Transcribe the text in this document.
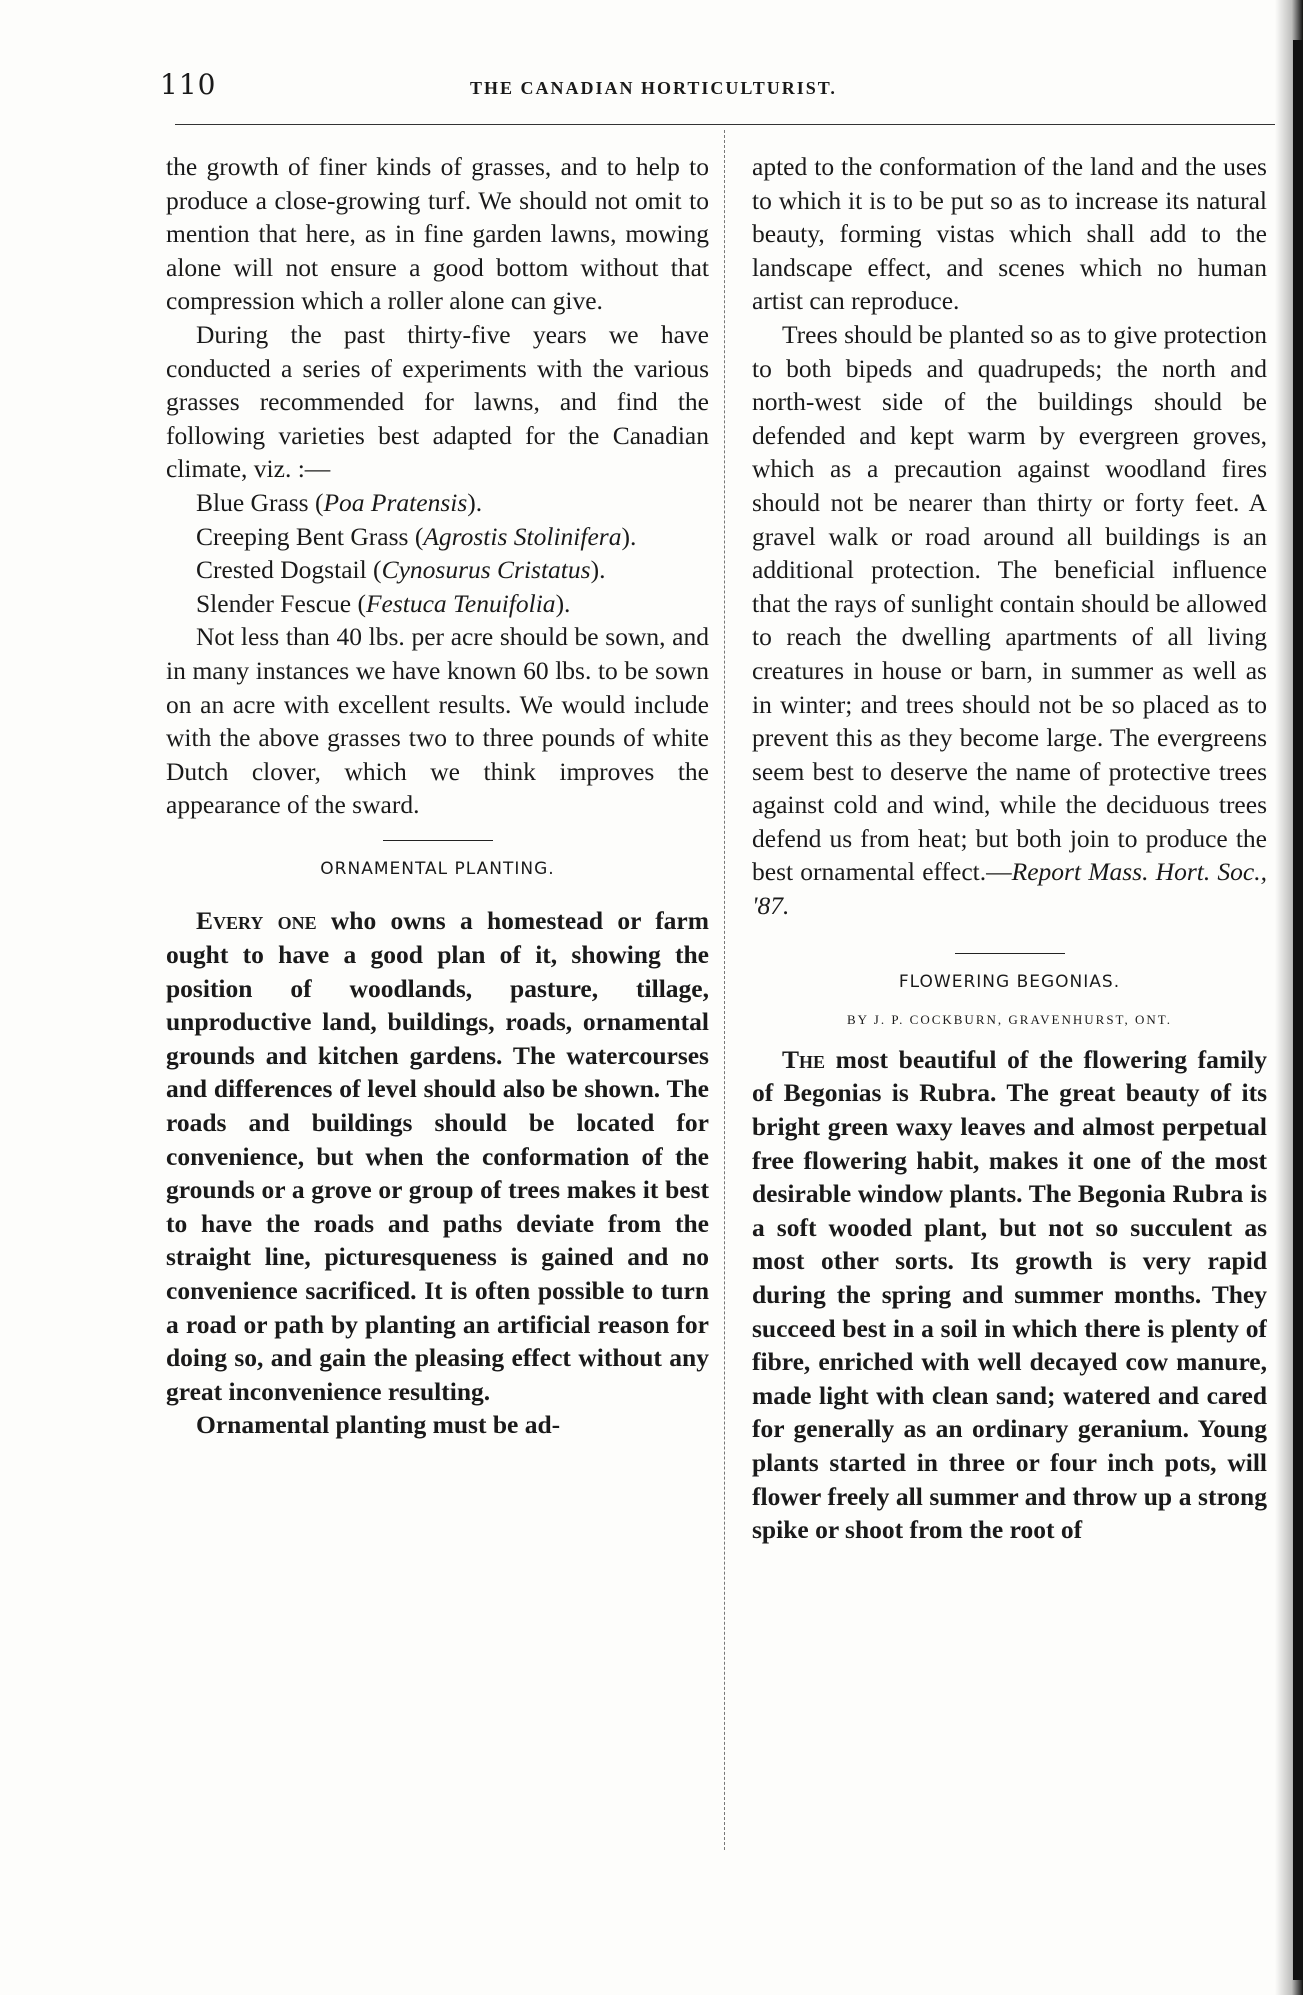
110	THE CANADIAN HORTICULTURIST.

the growth of finer kinds of grasses, and to help to produce a close-growing turf. We should not omit to mention that here, as in fine garden lawns, mowing alone will not ensure a good bottom without that compression which a roller alone can give.

During the past thirty-five years we have conducted a series of experiments with the various grasses recommended for lawns, and find the following varieties best adapted for the Canadian climate, viz. :—

Blue Grass (Poa Pratensis).

Creeping Bent Grass (Agrostis Stolinifera).

Crested Dogstail (Cynosurus Cristatus).

Slender Fescue (Festuca Tenuifolia).

Not less than 40 lbs. per acre should be sown, and in many instances we have known 60 lbs. to be sown on an acre with excellent results. We would include with the above grasses two to three pounds of white Dutch clover, which we think improves the appearance of the sward.

ORNAMENTAL PLANTING.

Every one who owns a homestead or farm ought to have a good plan of it, showing the position of woodlands, pasture, tillage, unproductive land, buildings, roads, ornamental grounds and kitchen gardens. The watercourses and differences of level should also be shown. The roads and buildings should be located for convenience, but when the conformation of the grounds or a grove or group of trees makes it best to have the roads and paths deviate from the straight line, picturesqueness is gained and no convenience sacrificed. It is often possible to turn a road or path by planting an artificial reason for doing so, and gain the pleasing effect without any great inconvenience resulting.

Ornamental planting must be ad-

apted to the conformation of the land and the uses to which it is to be put so as to increase its natural beauty, forming vistas which shall add to the landscape effect, and scenes which no human artist can reproduce.

Trees should be planted so as to give protection to both bipeds and quadrupeds; the north and north-west side of the buildings should be defended and kept warm by evergreen groves, which as a precaution against woodland fires should not be nearer than thirty or forty feet. A gravel walk or road around all buildings is an additional protection. The beneficial influence that the rays of sunlight contain should be allowed to reach the dwelling apartments of all living creatures in house or barn, in summer as well as in winter; and trees should not be so placed as to prevent this as they become large. The evergreens seem best to deserve the name of protective trees against cold and wind, while the deciduous trees defend us from heat; but both join to produce the best ornamental effect.—Report Mass. Hort. Soc., '87.

FLOWERING BEGONIAS.

BY J. P. COCKBURN, GRAVENHURST, ONT.

The most beautiful of the flowering family of Begonias is Rubra. The great beauty of its bright green waxy leaves and almost perpetual free flowering habit, makes it one of the most desirable window plants. The Begonia Rubra is a soft wooded plant, but not so succulent as most other sorts. Its growth is very rapid during the spring and summer months. They succeed best in a soil in which there is plenty of fibre, enriched with well decayed cow manure, made light with clean sand; watered and cared for generally as an ordinary geranium. Young plants started in three or four inch pots, will flower freely all summer and throw up a strong spike or shoot from the root of
